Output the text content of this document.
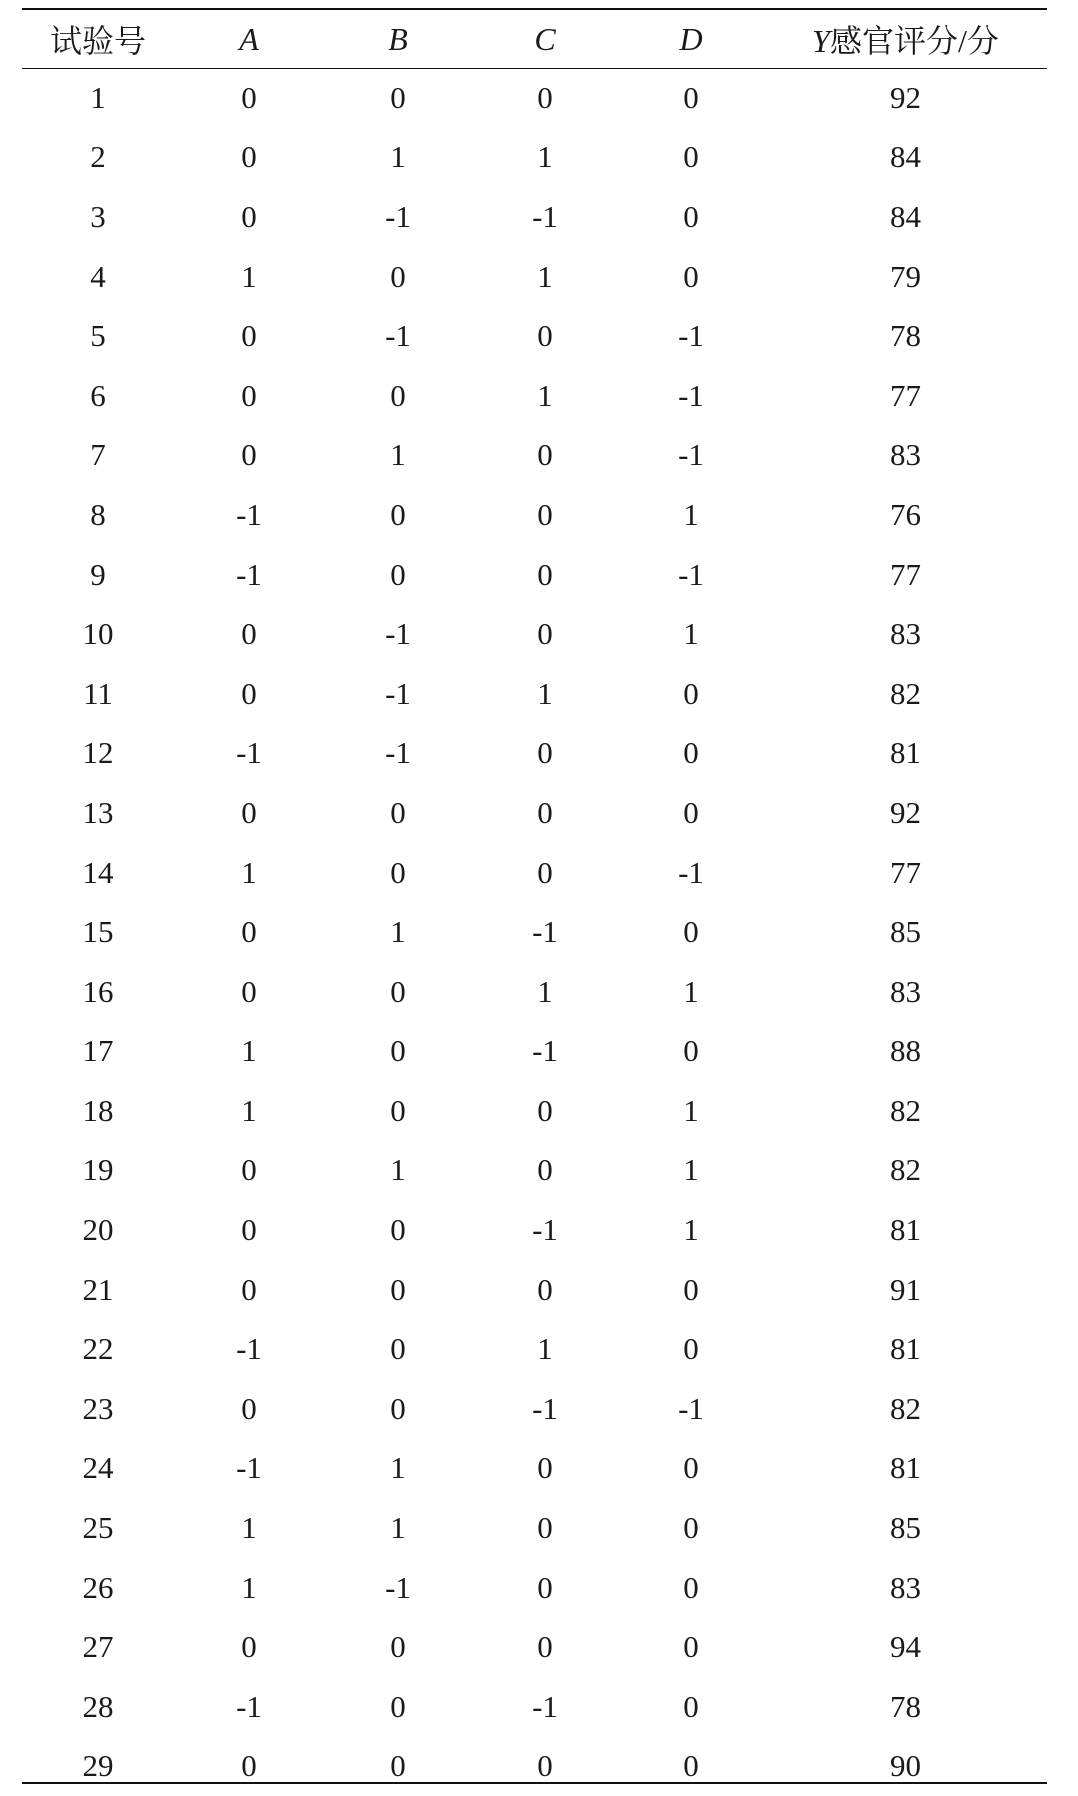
试验号	A	B	C	D	Y感官评分/分
1	0	0	0	0	92
2	0	1	1	0	84
3	0	-1	-1	0	84
4	1	0	1	0	79
5	0	-1	0	-1	78
6	0	0	1	-1	77
7	0	1	0	-1	83
8	-1	0	0	1	76
9	-1	0	0	-1	77
10	0	-1	0	1	83
11	0	-1	1	0	82
12	-1	-1	0	0	81
13	0	0	0	0	92
14	1	0	0	-1	77
15	0	1	-1	0	85
16	0	0	1	1	83
17	1	0	-1	0	88
18	1	0	0	1	82
19	0	1	0	1	82
20	0	0	-1	1	81
21	0	0	0	0	91
22	-1	0	1	0	81
23	0	0	-1	-1	82
24	-1	1	0	0	81
25	1	1	0	0	85
26	1	-1	0	0	83
27	0	0	0	0	94
28	-1	0	-1	0	78
29	0	0	0	0	90
